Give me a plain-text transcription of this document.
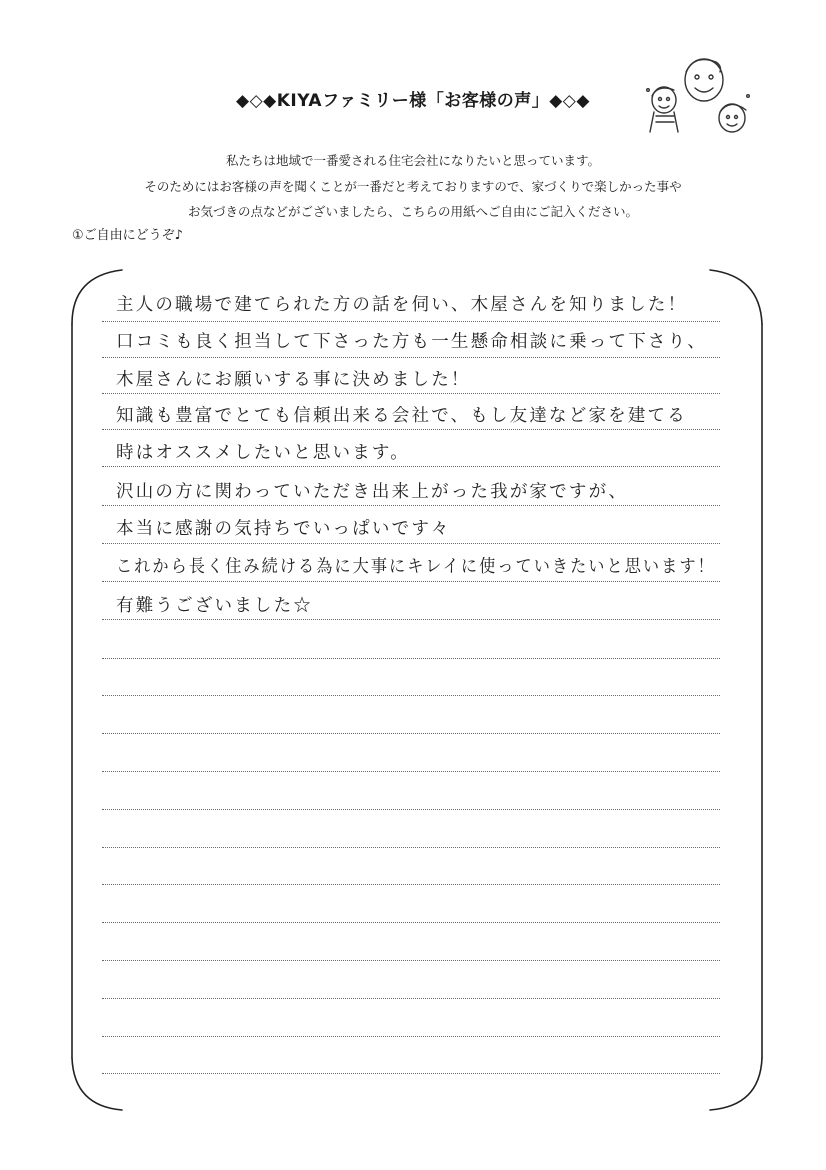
◆◇◆KIYAファミリー様「お客様の声」◆◇◆
私たちは地域で一番愛される住宅会社になりたいと思っています。
そのためにはお客様の声を聞くことが一番だと考えておりますので、家づくりで楽しかった事や
お気づきの点などがございましたら、こちらの用紙へご自由にご記入ください。
①ご自由にどうぞ♪
主人の職場で建てられた方の話を伺い、木屋さんを知りました！
口コミも良く担当して下さった方も一生懸命相談に乗って下さり、
木屋さんにお願いする事に決めました！
知識も豊富でとても信頼出来る会社で、もし友達など家を建てる
時はオススメしたいと思います。
沢山の方に関わっていただき出来上がった我が家ですが、
本当に感謝の気持ちでいっぱいです々
これから長く住み続ける為に大事にキレイに使っていきたいと思います！
有難うございました☆
